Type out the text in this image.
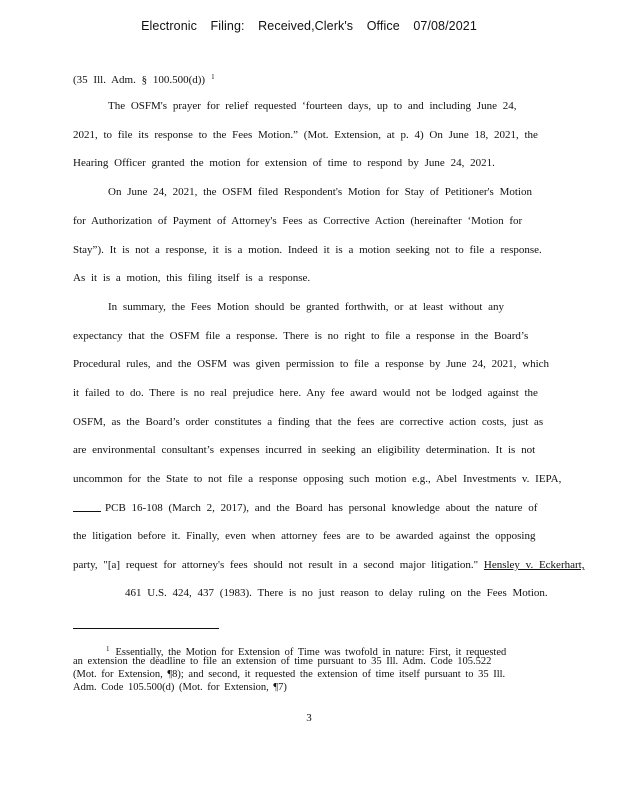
Electronic Filing: Received,Clerk's Office 07/08/2021
(35 Ill. Adm. § 100.500(d)) $^1$
The OSFM's prayer for relief requested ‘fourteen days, up to and including June 24,
2021, to file its response to the Fees Motion.” (Mot. Extension, at p. 4) On June 18, 2021, the
Hearing Officer granted the motion for extension of time to respond by June 24, 2021.
On June 24, 2021, the OSFM filed Respondent's Motion for Stay of Petitioner's Motion
for Authorization of Payment of Attorney's Fees as Corrective Action (hereinafter ‘Motion for
Stay”). It is not a response, it is a motion. Indeed it is a motion seeking not to file a response.
As it is a motion, this filing itself is a response.
In summary, the Fees Motion should be granted forthwith, or at least without any
expectancy that the OSFM file a response. There is no right to file a response in the Board’s
Procedural rules, and the OSFM was given permission to file a response by June 24, 2021, which
it failed to do. There is no real prejudice here. Any fee award would not be lodged against the
OSFM, as the Board’s order constitutes a finding that the fees are corrective action costs, just as
are environmental consultant’s expenses incurred in seeking an eligibility determination. It is not
uncommon for the State to not file a response opposing such motion e.g., Abel Investments v. IEPA,
PCB 16-108 (March 2, 2017), and the Board has personal knowledge about the nature of
the litigation before it. Finally, even when attorney fees are to be awarded against the opposing
party, "[a] request for attorney's fees should not result in a second major litigation." Hensley v. Eckerhart,
461 U.S. 424, 437 (1983). There is no just reason to delay ruling on the Fees Motion.
$^1$ Essentially, the Motion for Extension of Time was twofold in nature: First, it requested
an extension the deadline to file an extension of time pursuant to 35 Ill. Adm. Code 105.522
(Mot. for Extension, ¶8); and second, it requested the extension of time itself pursuant to 35 Ill.
Adm. Code 105.500(d) (Mot. for Extension, ¶7)
3
